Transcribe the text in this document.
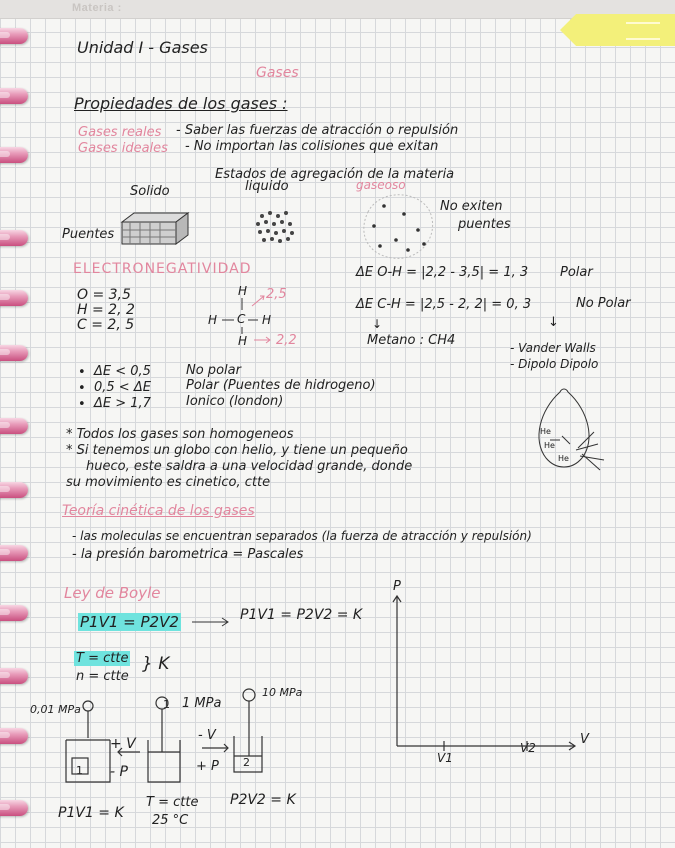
Materia :
Unidad I - Gases
Gases
Propiedades de los gases :
Gases reales - Saber las fuerzas de atracción o repulsión
Gases ideales - No importan las colisiones que exitan
Estados de agregación de la materia
Solido	liquido	gaseoso
Puentes
No exiten
puentes
ELECTRONEGATIVIDAD
O = 3,5
H = 2, 2
C = 2, 5
H
H C H
H
2,5
2,2
ΔE O-H = |2,2 - 3,5| = 1, 3 Polar
ΔE C-H = |2,5 - 2, 2| = 0, 3	No Polar
↓	↓
Metano : CH4	- Vander Walls
- Dipolo Dipolo
• ΔE < 0,5	No polar
• 0,5 < ΔE	Polar (Puentes de hidrogeno)
• ΔE > 1,7	Ionico (london)
* Todos los gases son homogeneos
* Si tenemos un globo con helio, y tiene un pequeño
hueco, este saldra a una velocidad grande, donde
su movimiento es cinetico, ctte
Teoría cinética de los gases
- las moleculas se encuentran separados (la fuerza de atracción y repulsión)
- la presión barometrica = Pascales
Ley de Boyle
P1V1 = P2V2	P1V1 = P2V2 = K
T = ctte
n = ctte
} K
0,01 MPa	1 MPa
10 MPa
+ V
- P
- V
+ P
1
1
2
P1V1 = K
T = ctte
25 °C
P2V2 = K
P
V
V1
V2
He
He
He
